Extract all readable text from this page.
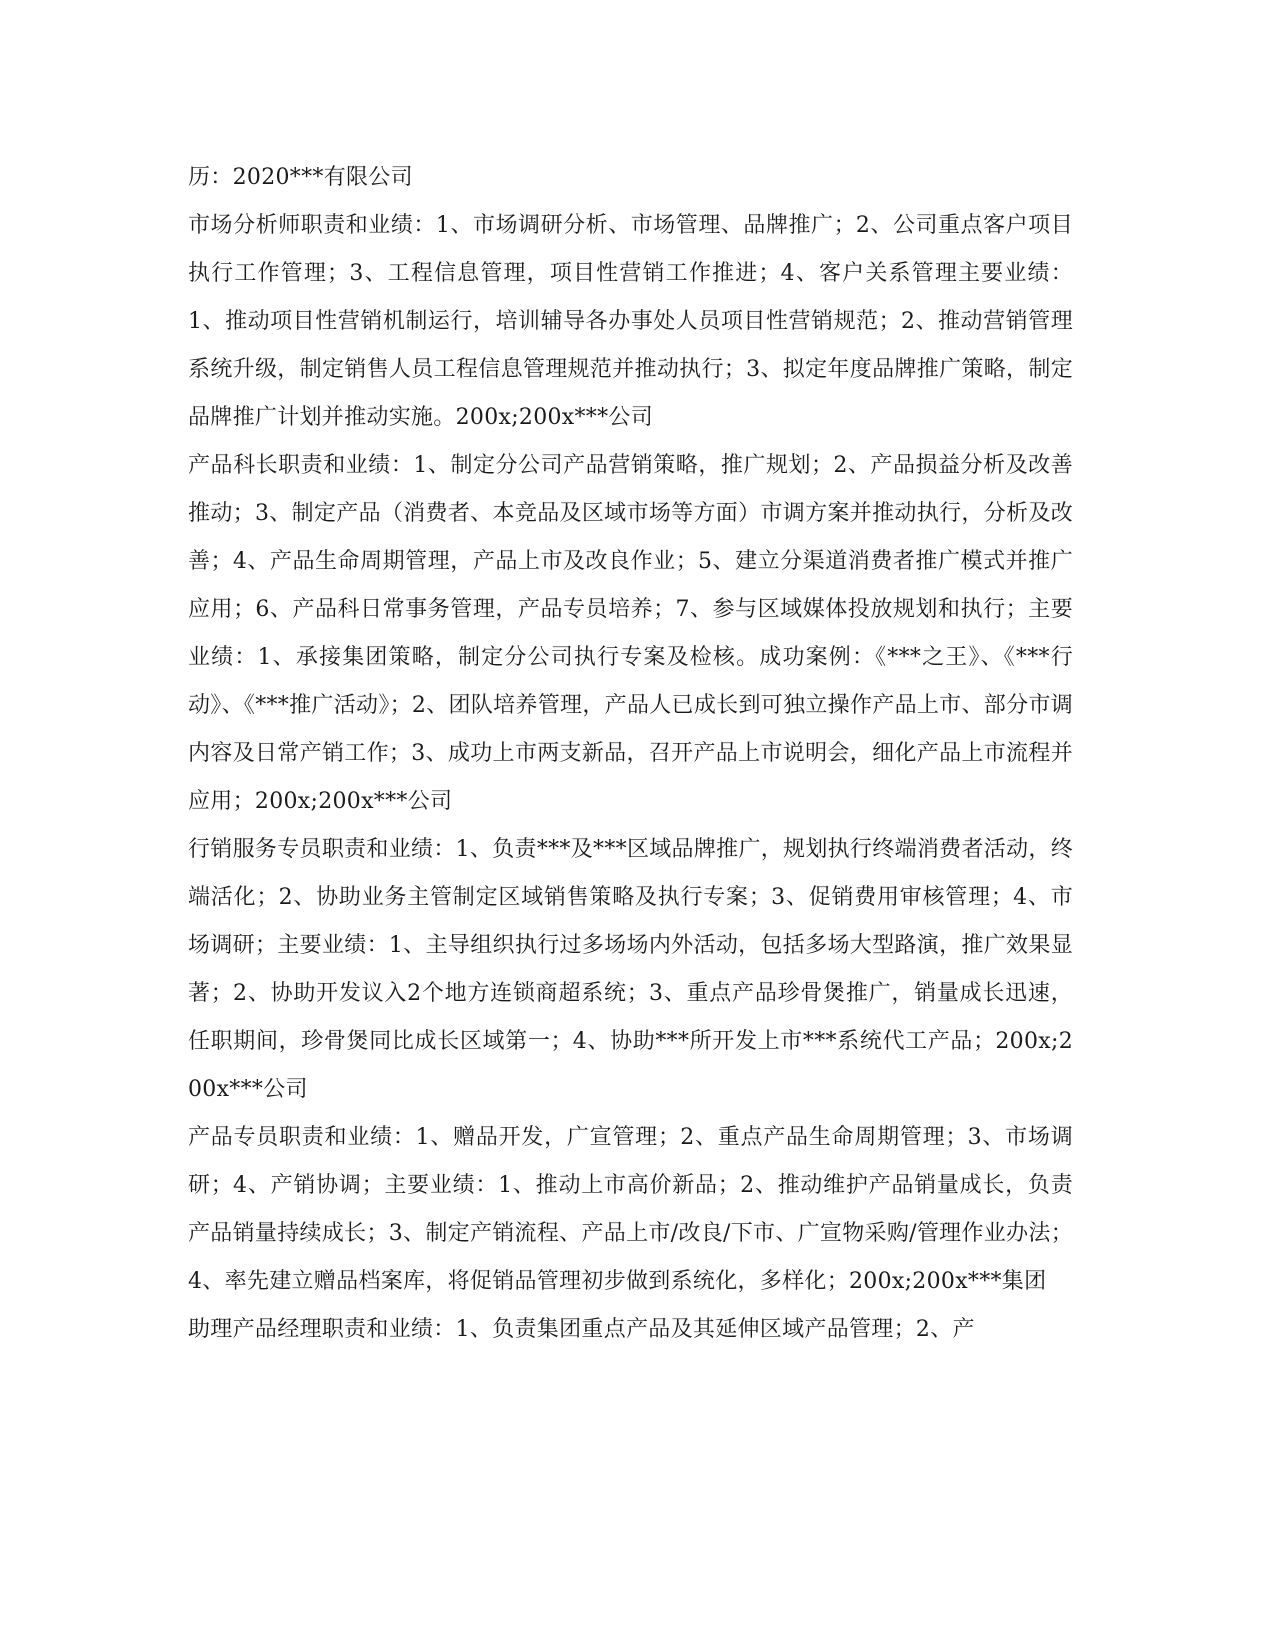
历：2020***有限公司

市场分析师职责和业绩：1、市场调研分析、市场管理、品牌推广；2、公司重点客户项目执行工作管理；3、工程信息管理，项目性营销工作推进；4、客户关系管理主要业绩：1、推动项目性营销机制运行，培训辅导各办事处人员项目性营销规范；2、推动营销管理系统升级，制定销售人员工程信息管理规范并推动执行；3、拟定年度品牌推广策略，制定品牌推广计划并推动实施。200x;200x***公司

产品科长职责和业绩：1、制定分公司产品营销策略，推广规划；2、产品损益分析及改善推动；3、制定产品（消费者、本竞品及区域市场等方面）市调方案并推动执行，分析及改善；4、产品生命周期管理，产品上市及改良作业；5、建立分渠道消费者推广模式并推广应用；6、产品科日常事务管理，产品专员培养；7、参与区域媒体投放规划和执行；主要业绩：1、承接集团策略，制定分公司执行专案及检核。成功案例：《***之王》、《***行动》、《***推广活动》；2、团队培养管理，产品人已成长到可独立操作产品上市、部分市调内容及日常产销工作；3、成功上市两支新品，召开产品上市说明会，细化产品上市流程并应用；200x;200x***公司

行销服务专员职责和业绩：1、负责***及***区域品牌推广，规划执行终端消费者活动，终端活化；2、协助业务主管制定区域销售策略及执行专案；3、促销费用审核管理；4、市场调研；主要业绩：1、主导组织执行过多场场内外活动，包括多场大型路演，推广效果显著；2、协助开发议入2个地方连锁商超系统；3、重点产品珍骨煲推广，销量成长迅速，任职期间，珍骨煲同比成长区域第一；4、协助***所开发上市***系统代工产品；200x;200x***公司

产品专员职责和业绩：1、赠品开发，广宣管理；2、重点产品生命周期管理；3、市场调研；4、产销协调；主要业绩：1、推动上市高价新品；2、推动维护产品销量成长，负责产品销量持续成长；3、制定产销流程、产品上市/改良/下市、广宣物采购/管理作业办法；4、率先建立赠品档案库，将促销品管理初步做到系统化，多样化；200x;200x***集团

助理产品经理职责和业绩：1、负责集团重点产品及其延伸区域产品管理；2、产
